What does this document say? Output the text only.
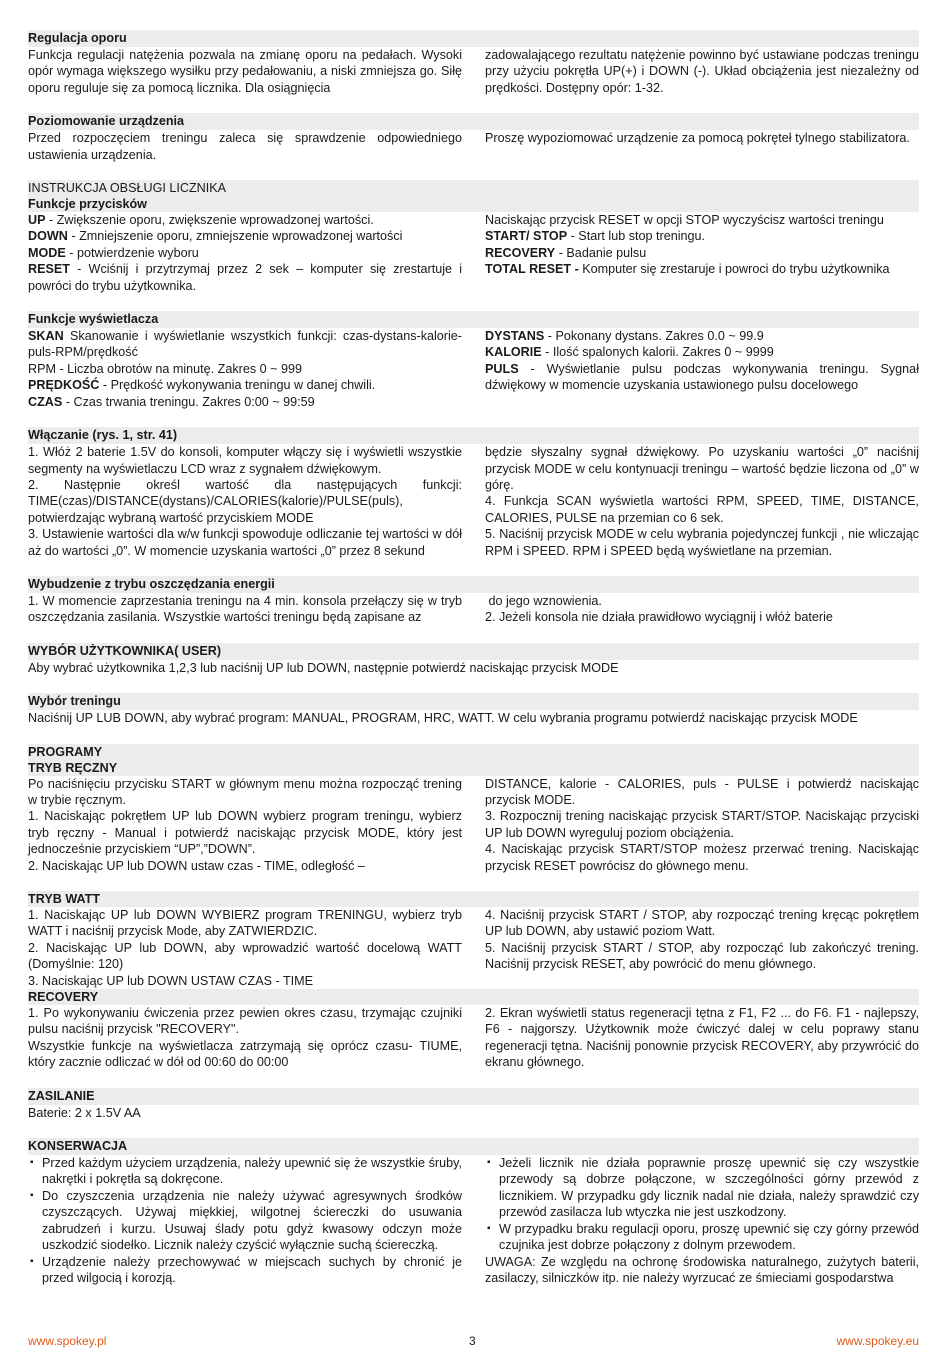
Regulacja oporu

Funkcja regulacji natężenia pozwala na zmianę oporu na pedałach. Wysoki opór wymaga większego wysiłku przy pedałowaniu, a niski zmniejsza go. Siłę oporu reguluje się za pomocą licznika. Dla osiągnięcia

zadowalającego rezultatu natężenie powinno być ustawiane podczas treningu przy użyciu pokrętła UP(+) i DOWN (-). Układ obciążenia jest niezależny od prędkości. Dostępny opór: 1-32.

Poziomowanie urządzenia

Przed rozpoczęciem treningu zaleca się sprawdzenie odpowiedniego ustawienia urządzenia.

Proszę wypoziomować urządzenie za pomocą pokręteł tylnego stabilizatora.

INSTRUKCJA OBSŁUGI LICZNIKA
Funkcje przycisków

UP - Zwiększenie oporu, zwiększenie wprowadzonej wartości.

DOWN - Zmniejszenie oporu, zmniejszenie wprowadzonej wartości

MODE - potwierdzenie wyboru

RESET - Wciśnij i przytrzymaj przez 2 sek – komputer się zrestartuje i powróci do trybu użytkownika.

Naciskając przycisk RESET w opcji STOP wyczyścisz wartości treningu

START/ STOP - Start lub stop treningu.

RECOVERY - Badanie pulsu

TOTAL RESET - Komputer się zrestaruje i powroci do trybu użytkownika

Funkcje wyświetlacza

SKAN Skanowanie i wyświetlanie wszystkich funkcji: czas-dystans-kalorie-puls-RPM/prędkość

RPM - Liczba obrotów na minutę. Zakres 0 ~ 999

PRĘDKOŚĆ - Prędkość wykonywania treningu w danej chwili.

CZAS - Czas trwania treningu. Zakres 0:00 ~ 99:59

DYSTANS - Pokonany dystans. Zakres 0.0 ~ 99.9

KALORIE - Ilość spalonych kalorii. Zakres 0 ~ 9999

PULS - Wyświetlanie pulsu podczas wykonywania treningu. Sygnał dźwiękowy w momencie uzyskania ustawionego pulsu docelowego

Włączanie (rys. 1, str. 41)

1. Włóż 2 baterie 1.5V do konsoli, komputer włączy się i wyświetli wszystkie segmenty na wyświetlaczu LCD wraz z sygnałem dźwiękowym.

2. Następnie określ wartość dla następujących funkcji: TIME(czas)/DISTANCE(dystans)/CALORIES(kalorie)/PULSE(puls), potwierdzając wybraną wartość przyciskiem MODE

3. Ustawienie wartości dla w/w funkcji spowoduje odliczanie tej wartości w dół aż do wartości „0”. W momencie uzyskania wartości „0” przez 8 sekund

będzie słyszalny sygnał dźwiękowy. Po uzyskaniu wartości „0” naciśnij przycisk MODE w celu kontynuacji treningu – wartość będzie liczona od „0” w górę.

4. Funkcja SCAN wyświetla wartości RPM, SPEED, TIME, DISTANCE, CALORIES, PULSE na przemian co 6 sek.

5. Naciśnij przycisk MODE w celu wybrania pojedynczej funkcji , nie wliczając RPM i SPEED. RPM i SPEED będą wyświetlane na przemian.

Wybudzenie z trybu oszczędzania energii

1. W momencie zaprzestania treningu na 4 min. konsola przełączy się w tryb oszczędzania zasilania. Wszystkie wartości treningu będą zapisane az

do jego wznowienia.

2. Jeżeli konsola nie działa prawidłowo wyciągnij i włóż baterie

WYBÓR UŻYTKOWNIKA( USER)

Aby wybrać użytkownika 1,2,3 lub naciśnij UP lub DOWN, następnie potwierdź naciskając przycisk MODE

Wybór treningu

Naciśnij UP LUB DOWN, aby wybrać program: MANUAL, PROGRAM, HRC, WATT. W celu wybrania programu potwierdź naciskając przycisk MODE

PROGRAMY
TRYB RĘCZNY

Po naciśnięciu przycisku START w głównym menu można rozpocząć trening w trybie ręcznym.

1. Naciskając pokrętłem UP lub DOWN wybierz program treningu, wybierz tryb ręczny - Manual i potwierdź naciskając przycisk MODE, który jest jednocześnie przyciskiem “UP”,”DOWN”.

2. Naciskając UP lub DOWN ustaw czas - TIME, odległość –

DISTANCE, kalorie - CALORIES, puls - PULSE i potwierdź naciskając przycisk MODE.

3. Rozpocznij trening naciskając przycisk START/STOP. Naciskając przyciski UP lub DOWN wyreguluj poziom obciążenia.

4. Naciskając przycisk START/STOP możesz przerwać trening. Naciskając przycisk RESET powrócisz do głównego menu.

TRYB WATT

1. Naciskając UP lub DOWN WYBIERZ program TRENINGU, wybierz tryb WATT i naciśnij przycisk Mode, aby ZATWIERDZIC.

2. Naciskając UP lub DOWN, aby wprowadzić wartość docelową WATT (Domyślnie: 120)

3. Naciskając UP lub DOWN USTAW CZAS - TIME

4. Naciśnij przycisk START / STOP, aby rozpocząć trening kręcąc pokrętłem UP lub DOWN, aby ustawić poziom Watt.

5. Naciśnij przycisk START / STOP, aby rozpocząć lub zakończyć trening. Naciśnij przycisk RESET, aby powrócić do menu głównego.

RECOVERY

1. Po wykonywaniu ćwiczenia przez pewien okres czasu, trzymając czujniki pulsu naciśnij przycisk "RECOVERY".

Wszystkie funkcje na wyświetlacza zatrzymają się oprócz czasu- TIUME, który zacznie odliczać w dół od 00:60 do 00:00

2. Ekran wyświetli status regeneracji tętna z F1, F2 ... do F6. F1 - najlepszy, F6 - najgorszy. Użytkownik może ćwiczyć dalej w celu poprawy stanu regeneracji tętna. Naciśnij ponownie przycisk RECOVERY, aby przywrócić do ekranu głównego.

ZASILANIE

Baterie: 2 x 1.5V AA

KONSERWACJA
▪ Przed każdym użyciem urządzenia, należy upewnić się że wszystkie śruby, nakrętki i pokrętła są dokręcone.
▪ Do czyszczenia urządzenia nie należy używać agresywnych środków czyszczących. Używaj miękkiej, wilgotnej ściereczki do usuwania zabrudzeń i kurzu. Usuwaj ślady potu gdyż kwasowy odczyn może uszkodzić siodełko. Licznik należy czyścić wyłącznie suchą ściereczką.
▪ Urządzenie należy przechowywać w miejscach suchych by chronić je przed wilgocią i korozją.
▪ Jeżeli licznik nie działa poprawnie proszę upewnić się czy wszystkie przewody są dobrze połączone, w szczególności górny przewód z licznikiem. W przypadku gdy licznik nadal nie działa, należy sprawdzić czy przewód zasilacza lub wtyczka nie jest uszkodzony.
▪ W przypadku braku regulacji oporu, proszę upewnić się czy górny przewód czujnika jest dobrze połączony z dolnym przewodem.

UWAGA: Ze względu na ochronę środowiska naturalnego, zużytych baterii, zasilaczy, silniczków itp. nie należy wyrzucać ze śmieciami gospodarstwa

www.spokey.pl	3	www.spokey.eu
